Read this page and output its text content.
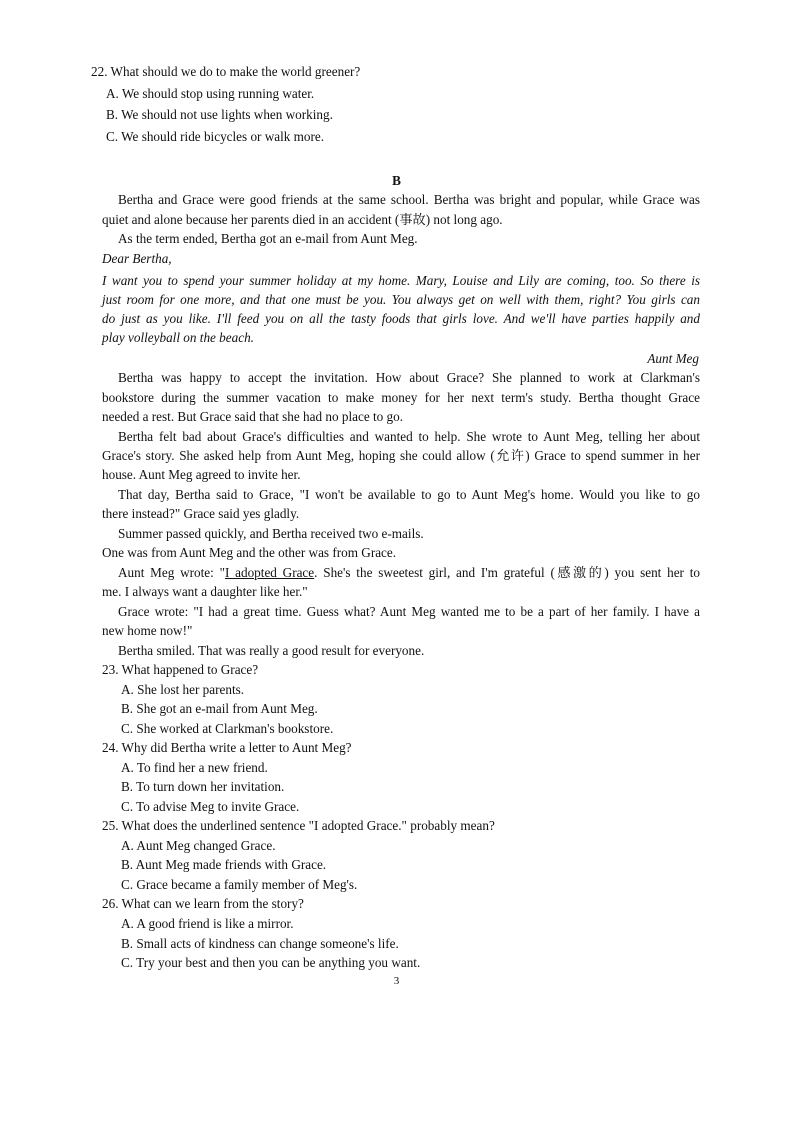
22. What should we do to make the world greener?
A. We should stop using running water.
B. We should not use lights when working.
C. We should ride bicycles or walk more.
B
Bertha and Grace were good friends at the same school. Bertha was bright and popular, while Grace was
quiet and alone because her parents died in an accident (事故) not long ago.
As the term ended, Bertha got an e-mail from Aunt Meg.
Dear Bertha,
I want you to spend your summer holiday at my home. Mary, Louise and Lily are coming, too. So there is
just room for one more, and that one must be you. You always get on well with them, right? You girls can
do just as you like. I'll feed you on all the tasty foods that girls love. And we'll have parties happily and
play volleyball on the beach.
Aunt Meg
Bertha was happy to accept the invitation. How about Grace? She planned to work at Clarkman's
bookstore during the summer vacation to make money for her next term's study. Bertha thought Grace
needed a rest. But Grace said that she had no place to go.
Bertha felt bad about Grace's difficulties and wanted to help. She wrote to Aunt Meg, telling her about
Grace's story. She asked help from Aunt Meg, hoping she could allow (允许) Grace to spend summer in her
house. Aunt Meg agreed to invite her.
That day, Bertha said to Grace, "I won't be available to go to Aunt Meg's home. Would you like to go
there instead?" Grace said yes gladly.
Summer passed quickly, and Bertha received two e-mails.
One was from Aunt Meg and the other was from Grace.
Aunt Meg wrote: "I adopted Grace. She's the sweetest girl, and I'm grateful (感激的) you sent her to
me. I always want a daughter like her."
Grace wrote: "I had a great time. Guess what? Aunt Meg wanted me to be a part of her family. I have a
new home now!"
Bertha smiled. That was really a good result for everyone.
23. What happened to Grace?
A. She lost her parents.
B. She got an e-mail from Aunt Meg.
C. She worked at Clarkman's bookstore.
24. Why did Bertha write a letter to Aunt Meg?
A. To find her a new friend.
B. To turn down her invitation.
C. To advise Meg to invite Grace.
25. What does the underlined sentence "I adopted Grace." probably mean?
A. Aunt Meg changed Grace.
B. Aunt Meg made friends with Grace.
C. Grace became a family member of Meg's.
26. What can we learn from the story?
A. A good friend is like a mirror.
B. Small acts of kindness can change someone's life.
C. Try your best and then you can be anything you want.
3
